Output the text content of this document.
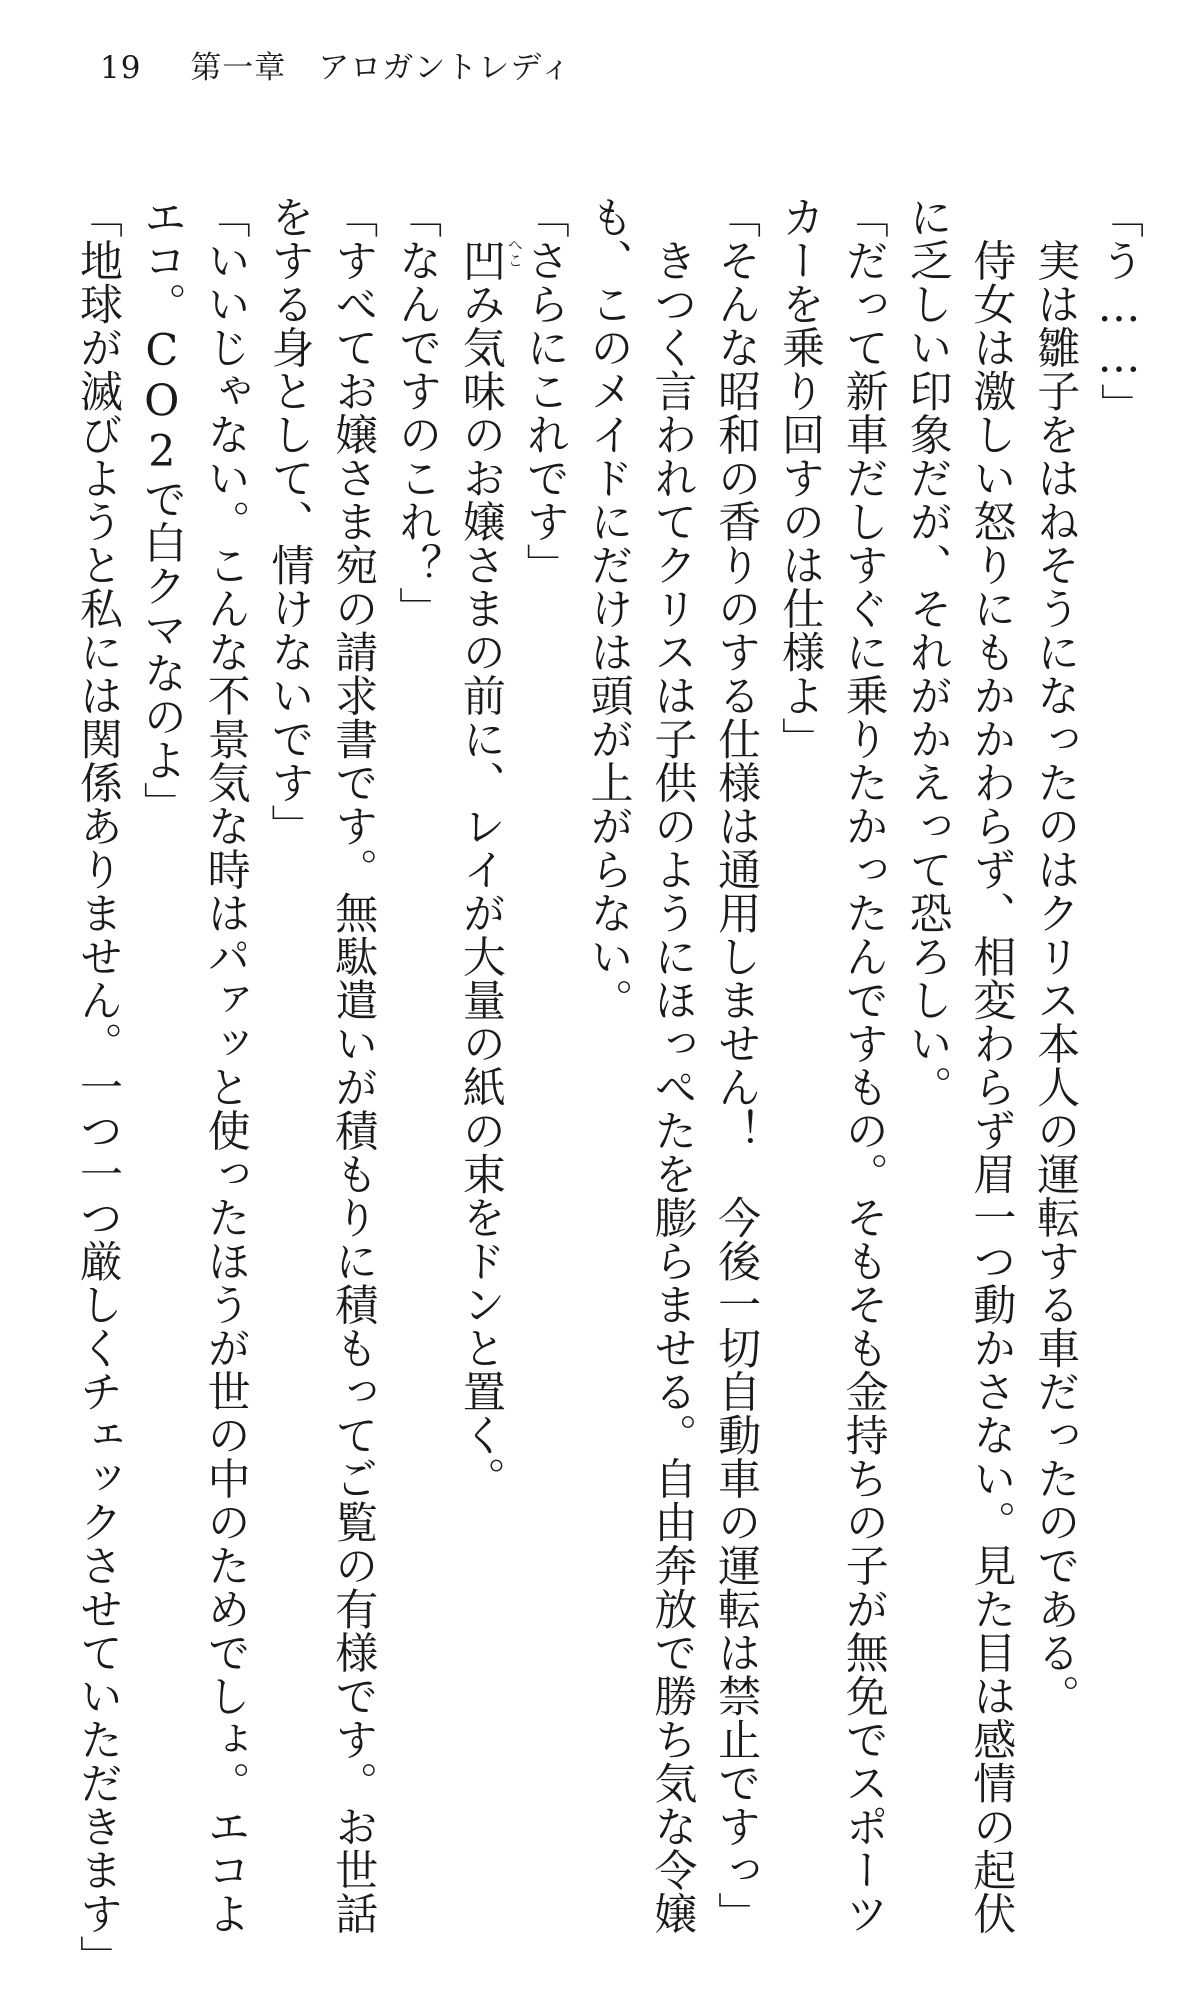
19 第一章　アロガントレディ
「う……」
　実は雛子をはねそうになったのはクリス本人の運転する車だったのである。
　侍女は激しい怒りにもかかわらず、相変わらず眉一つ動かさない。見た目は感情の起伏
に乏しい印象だが、それがかえって恐ろしい。
「だって新車だしすぐに乗りたかったんですもの。そもそも金持ちの子が無免でスポーツ
カーを乗り回すのは仕様よ」
「そんな昭和の香りのする仕様は通用しません！　今後一切自動車の運転は禁止ですっ」
　きつく言われてクリスは子供のようにほっぺたを膨らませる。自由奔放で勝ち気な令嬢
も、このメイドにだけは頭が上がらない。
「さらにこれです」
　凹み気味のお嬢さまの前に、レイが大量の紙の束をドンと置く。 へこ
「なんですのこれ？」
「すべてお嬢さま宛の請求書です。無駄遣いが積もりに積もってご覧の有様です。お世話
をする身として、情けないです」
「いいじゃない。こんな不景気な時はパァッと使ったほうが世の中のためでしょ。エコよ
エコ。CO2で白クマなのよ」
「地球が滅びようと私には関係ありません。一つ一つ厳しくチェックさせていただきます」
